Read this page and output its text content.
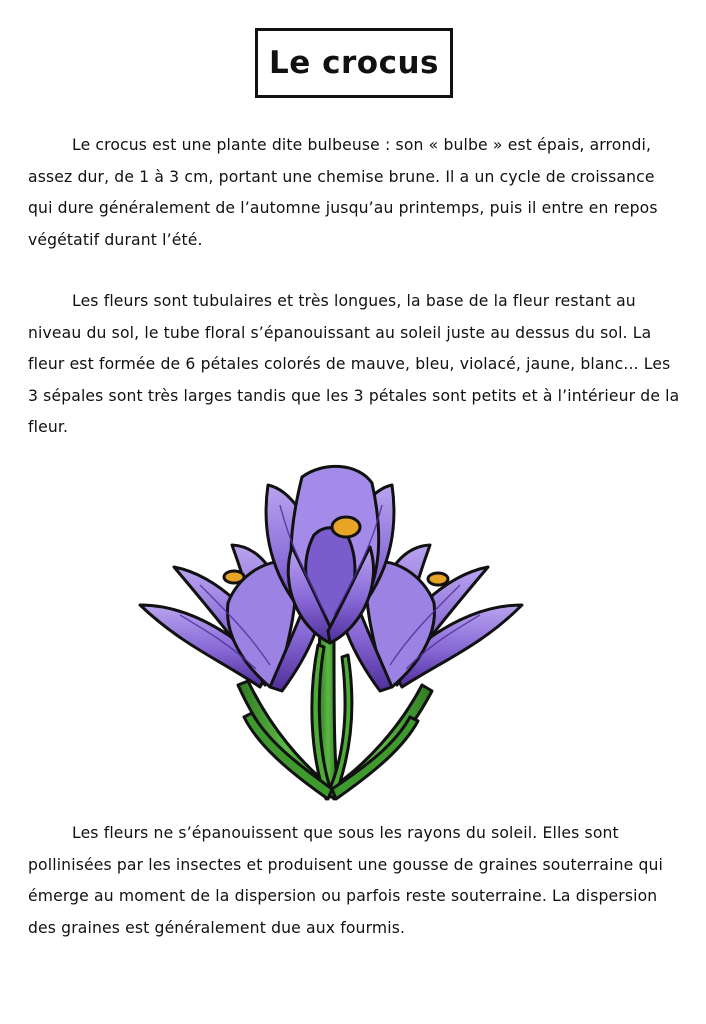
Le crocus

Le crocus est une plante dite bulbeuse : son « bulbe » est épais, arrondi, assez dur, de 1 à 3 cm, portant une chemise brune. Il a un cycle de croissance qui dure généralement de l’automne jusqu’au printemps, puis il entre en repos végétatif durant l’été.

Les fleurs sont tubulaires et très longues, la base de la fleur restant au niveau du sol, le tube floral s’épanouissant au soleil juste au dessus du sol. La fleur est formée de 6 pétales colorés de mauve, bleu, violacé, jaune, blanc... Les 3 sépales sont très larges tandis que les 3 pétales sont petits et à l’intérieur de la fleur.

Les fleurs ne s’épanouissent que sous les rayons du soleil. Elles sont pollinisées par les insectes et produisent une gousse de graines souterraine qui émerge au moment de la dispersion ou parfois reste souterraine. La dispersion des graines est généralement due aux fourmis.
